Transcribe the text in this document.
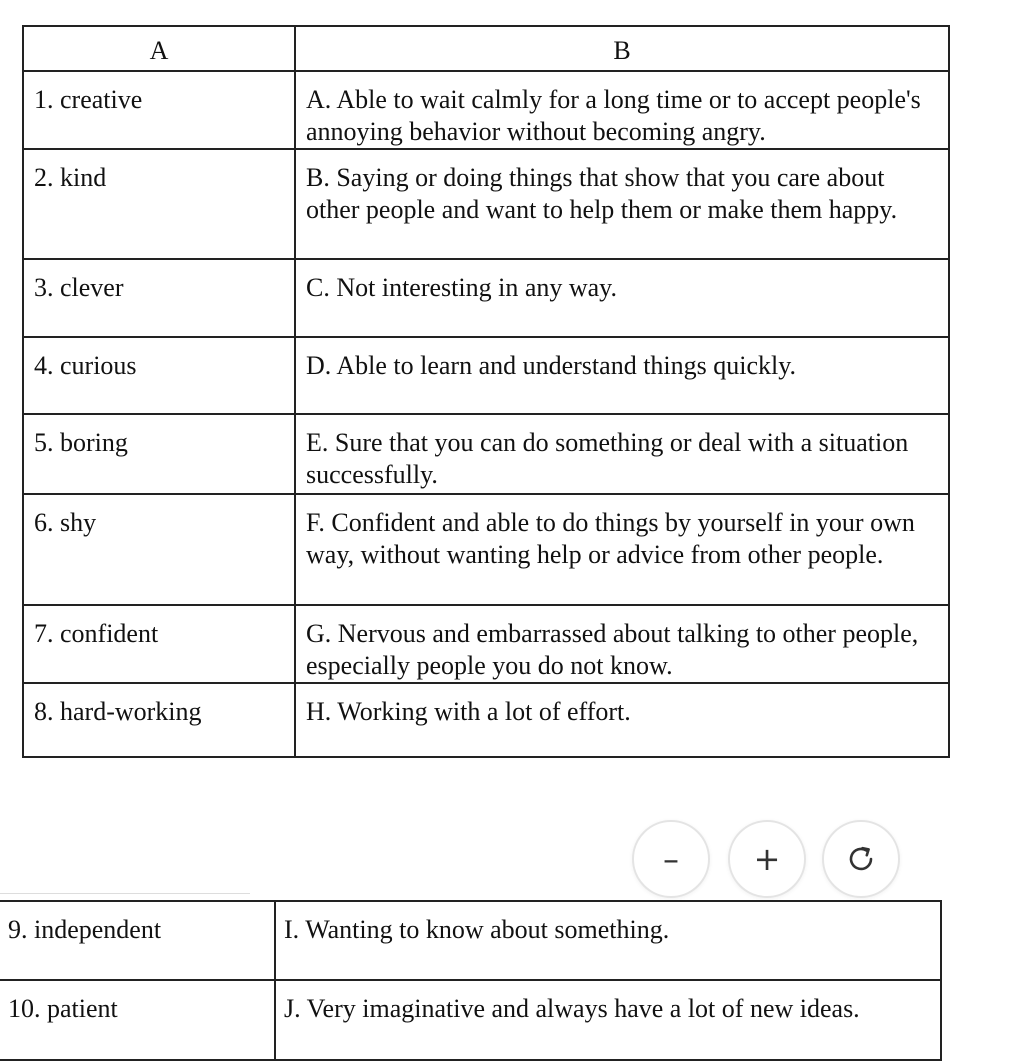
A	B
1. creative	A. Able to wait calmly for a long time or to accept people's annoying behavior without becoming angry.
2. kind	B. Saying or doing things that show that you care about other people and want to help them or make them happy.
3. clever	C. Not interesting in any way.
4. curious	D. Able to learn and understand things quickly.
5. boring	E. Sure that you can do something or deal with a situation successfully.
6. shy	F. Confident and able to do things by yourself in your own way, without wanting help or advice from other people.
7. confident	G. Nervous and embarrassed about talking to other people, especially people you do not know.
8. hard-working	H. Working with a lot of effort.
– +
9. independent	I. Wanting to know about something.
10. patient	J. Very imaginative and always have a lot of new ideas.
